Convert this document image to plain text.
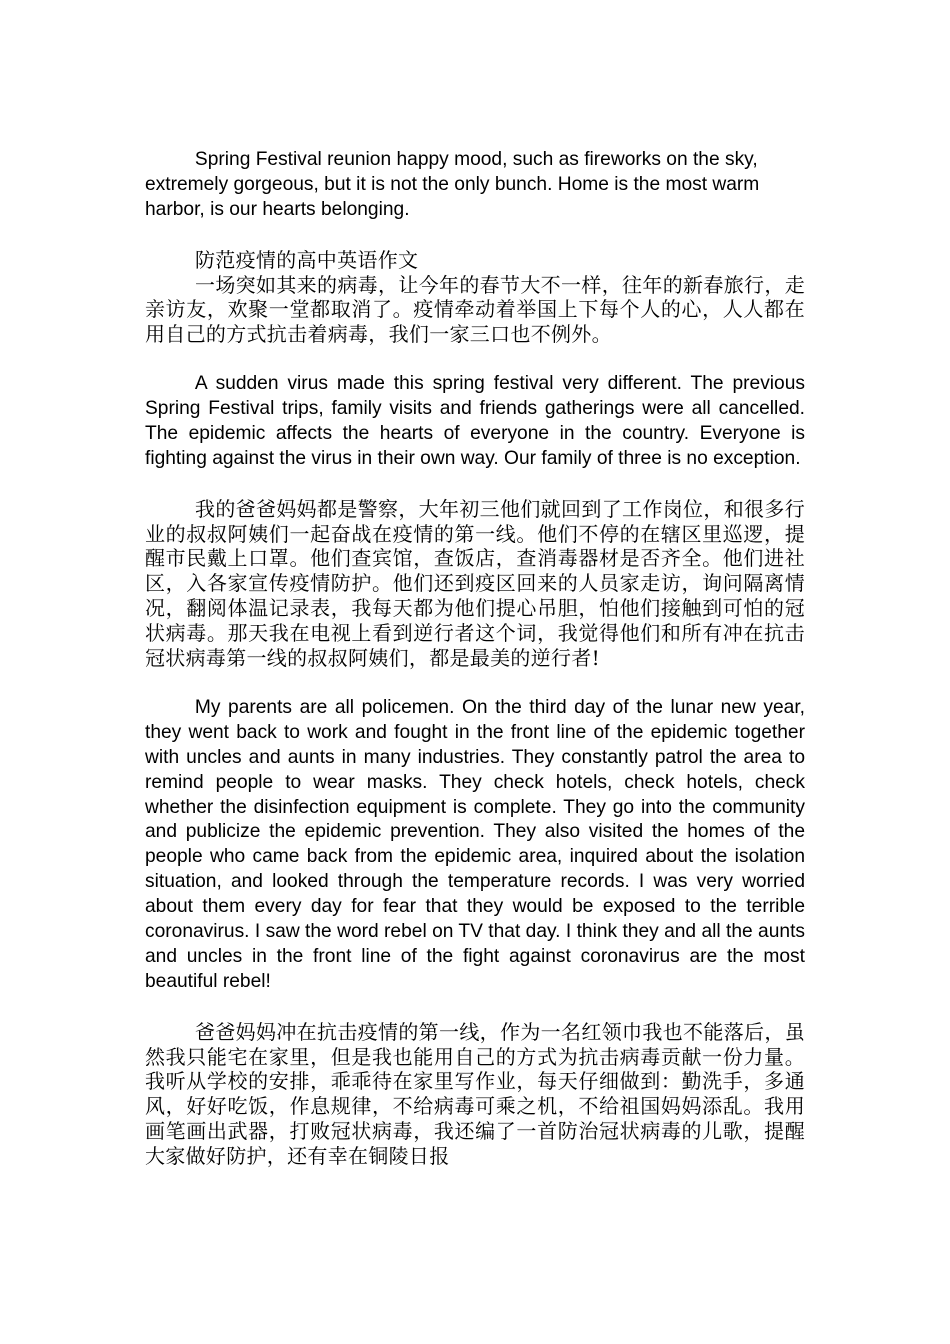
Spring Festival reunion happy mood, such as fireworks on the sky, extremely gorgeous, but it is not the only bunch. Home is the most warm harbor, is our hearts belonging.

防范疫情的高中英语作文

一场突如其来的病毒，让今年的春节大不一样，往年的新春旅行，走亲访友，欢聚一堂都取消了。疫情牵动着举国上下每个人的心，人人都在用自己的方式抗击着病毒，我们一家三口也不例外。

A sudden virus made this spring festival very different. The previous Spring Festival trips, family visits and friends gatherings were all cancelled. The epidemic affects the hearts of everyone in the country. Everyone is fighting against the virus in their own way. Our family of three is no exception.

我的爸爸妈妈都是警察，大年初三他们就回到了工作岗位，和很多行业的叔叔阿姨们一起奋战在疫情的第一线。他们不停的在辖区里巡逻，提醒市民戴上口罩。他们查宾馆，查饭店，查消毒器材是否齐全。他们进社区，入各家宣传疫情防护。他们还到疫区回来的人员家走访，询问隔离情况，翻阅体温记录表，我每天都为他们提心吊胆，怕他们接触到可怕的冠状病毒。那天我在电视上看到逆行者这个词，我觉得他们和所有冲在抗击冠状病毒第一线的叔叔阿姨们，都是最美的逆行者!

My parents are all policemen. On the third day of the lunar new year, they went back to work and fought in the front line of the epidemic together with uncles and aunts in many industries. They constantly patrol the area to remind people to wear masks. They check hotels, check hotels, check whether the disinfection equipment is complete. They go into the community and publicize the epidemic prevention. They also visited the homes of the people who came back from the epidemic area, inquired about the isolation situation, and looked through the temperature records. I was very worried about them every day for fear that they would be exposed to the terrible coronavirus. I saw the word rebel on TV that day. I think they and all the aunts and uncles in the front line of the fight against coronavirus are the most beautiful rebel!

爸爸妈妈冲在抗击疫情的第一线，作为一名红领巾我也不能落后，虽然我只能宅在家里，但是我也能用自己的方式为抗击病毒贡献一份力量。我听从学校的安排，乖乖待在家里写作业，每天仔细做到：勤洗手，多通风，好好吃饭，作息规律，不给病毒可乘之机，不给祖国妈妈添乱。我用画笔画出武器，打败冠状病毒，我还编了一首防治冠状病毒的儿歌，提醒大家做好防护，还有幸在铜陵日报
